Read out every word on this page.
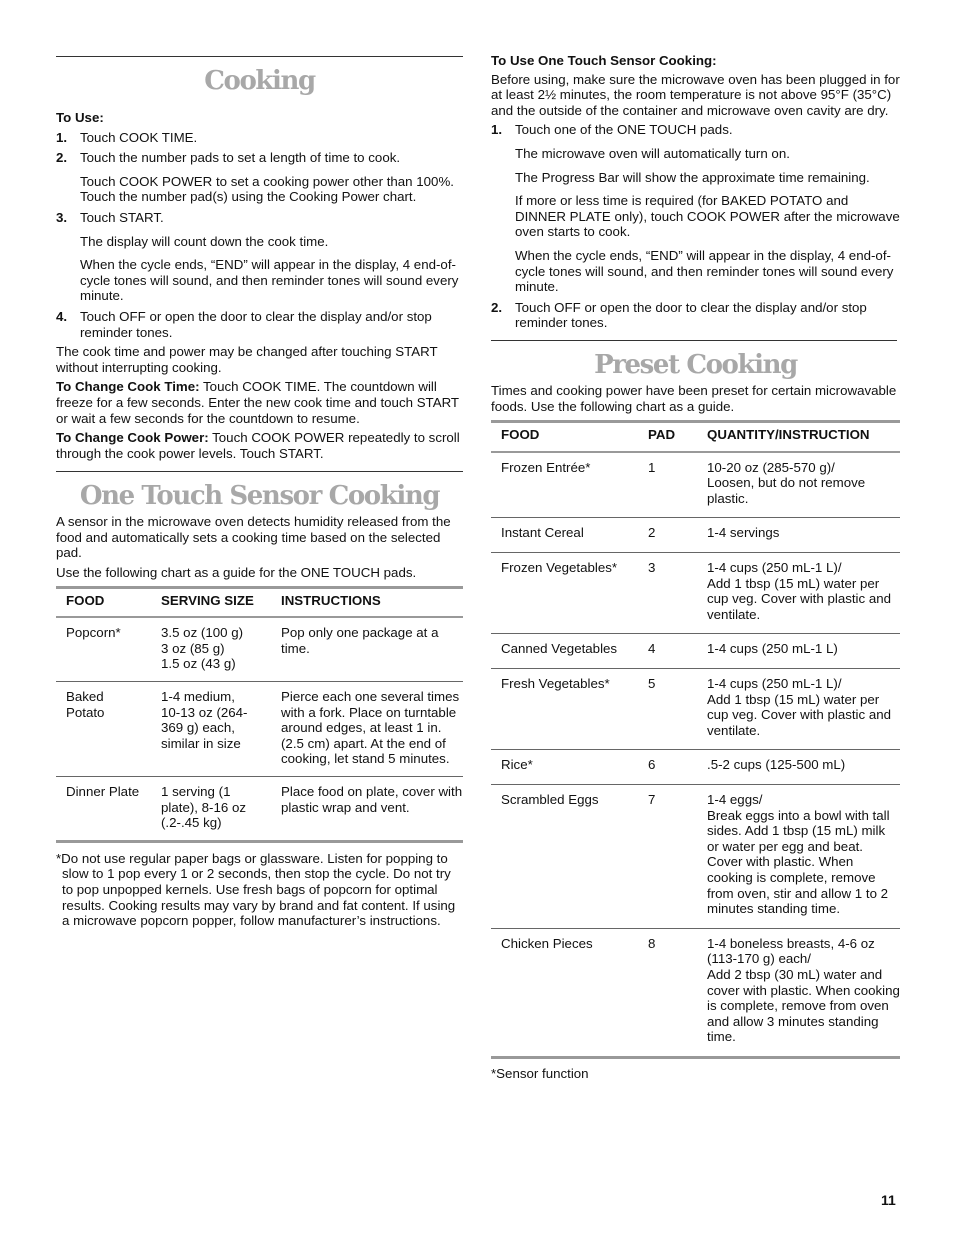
Cooking

To Use:

1. Touch COOK TIME.

2. Touch the number pads to set a length of time to cook.

Touch COOK POWER to set a cooking power other than 100%. Touch the number pad(s) using the Cooking Power chart.

3. Touch START.

The display will count down the cook time.

When the cycle ends, “END” will appear in the display, 4 end-of-cycle tones will sound, and then reminder tones will sound every minute.

4. Touch OFF or open the door to clear the display and/or stop reminder tones.

The cook time and power may be changed after touching START without interrupting cooking.

To Change Cook Time: Touch COOK TIME. The countdown will freeze for a few seconds. Enter the new cook time and touch START or wait a few seconds for the countdown to resume.

To Change Cook Power: Touch COOK POWER repeatedly to scroll through the cook power levels. Touch START.

One Touch Sensor Cooking

A sensor in the microwave oven detects humidity released from the food and automatically sets a cooking time based on the selected pad.

Use the following chart as a guide for the ONE TOUCH pads.

FOOD	SERVING SIZE	INSTRUCTIONS
Popcorn*	3.5 oz (100 g)
3 oz (85 g)
1.5 oz (43 g)	Pop only one package at a time.
Baked
Potato	1-4 medium,
10-13 oz (264-
369 g) each,
similar in size	Pierce each one several times with a fork. Place on turntable around edges, at least 1 in. (2.5 cm) apart. At the end of cooking, let stand 5 minutes.
Dinner Plate	1 serving (1
plate), 8-16 oz
(.2-.45 kg)	Place food on plate, cover with plastic wrap and vent.

*Do not use regular paper bags or glassware. Listen for popping to slow to 1 pop every 1 or 2 seconds, then stop the cycle. Do not try to pop unpopped kernels. Use fresh bags of popcorn for optimal results. Cooking results may vary by brand and fat content. If using a microwave popcorn popper, follow manufacturer’s instructions.

To Use One Touch Sensor Cooking:

Before using, make sure the microwave oven has been plugged in for at least 2½ minutes, the room temperature is not above 95°F (35°C) and the outside of the container and microwave oven cavity are dry.

1. Touch one of the ONE TOUCH pads.

The microwave oven will automatically turn on.

The Progress Bar will show the approximate time remaining.

If more or less time is required (for BAKED POTATO and DINNER PLATE only), touch COOK POWER after the microwave oven starts to cook.

When the cycle ends, “END” will appear in the display, 4 end-of-cycle tones will sound, and then reminder tones will sound every minute.

2. Touch OFF or open the door to clear the display and/or stop reminder tones.

Preset Cooking

Times and cooking power have been preset for certain microwavable foods. Use the following chart as a guide.

FOOD	PAD	QUANTITY/INSTRUCTION
Frozen Entrée*	1	10-20 oz (285-570 g)/
Loosen, but do not remove plastic.
Instant Cereal	2	1-4 servings
Frozen Vegetables*	3	1-4 cups (250 mL-1 L)/
Add 1 tbsp (15 mL) water per cup veg. Cover with plastic and ventilate.
Canned Vegetables	4	1-4 cups (250 mL-1 L)
Fresh Vegetables*	5	1-4 cups (250 mL-1 L)/
Add 1 tbsp (15 mL) water per cup veg. Cover with plastic and ventilate.
Rice*	6	.5-2 cups (125-500 mL)
Scrambled Eggs	7	1-4 eggs/
Break eggs into a bowl with tall sides. Add 1 tbsp (15 mL) milk or water per egg and beat. Cover with plastic. When cooking is complete, remove from oven, stir and allow 1 to 2 minutes standing time.
Chicken Pieces	8	1-4 boneless breasts, 4-6 oz (113-170 g) each/
Add 2 tbsp (30 mL) water and cover with plastic. When cooking is complete, remove from oven and allow 3 minutes standing time.

*Sensor function

11
